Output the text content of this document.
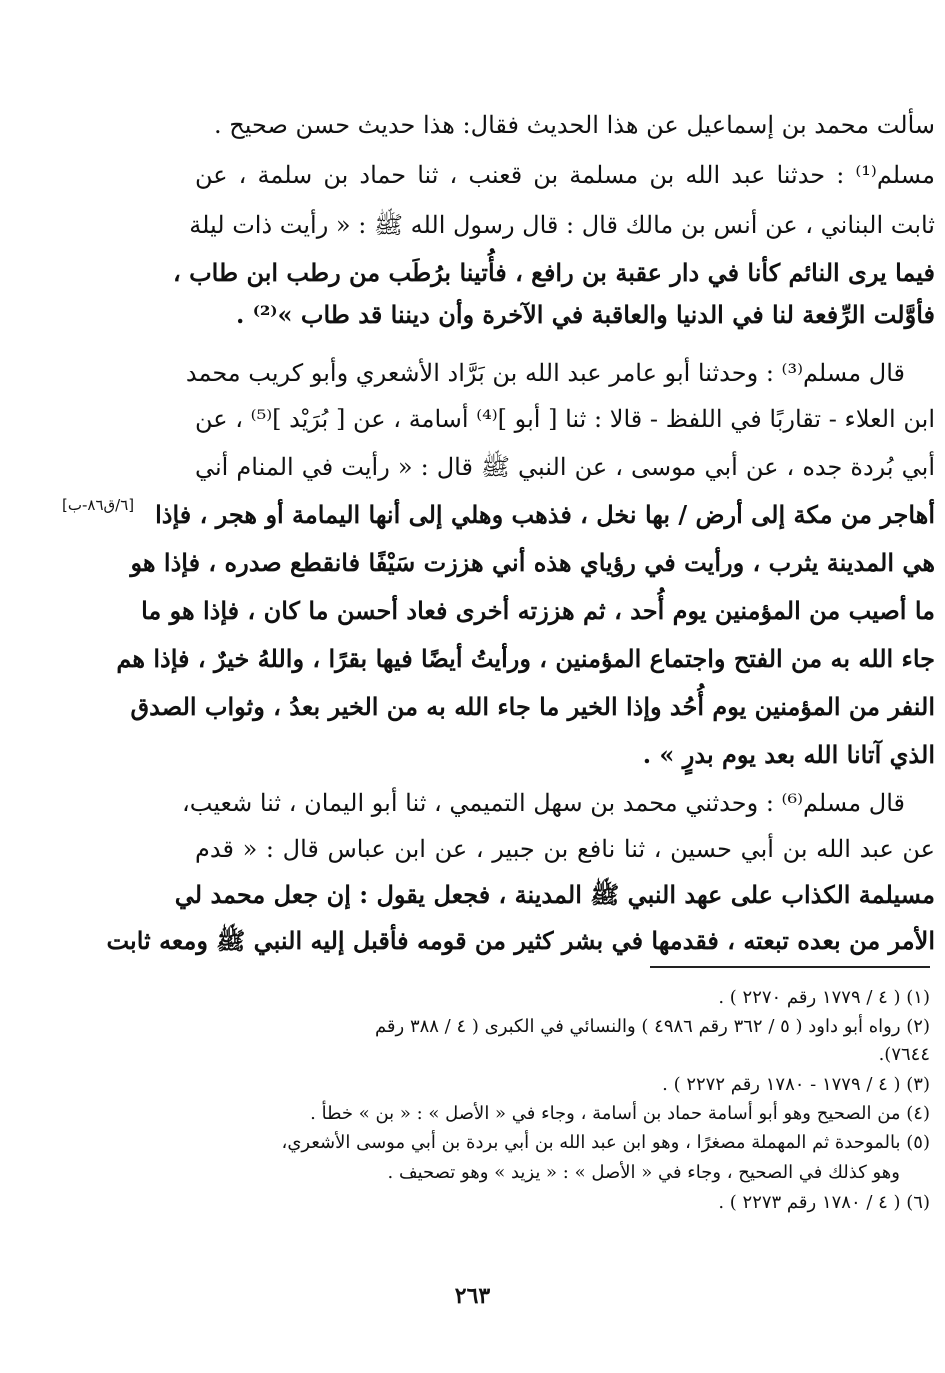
سألت محمد بن إسماعيل عن هذا الحديث فقال: هذا حديث حسن صحيح .
مسلم⁽¹⁾ : حدثنا عبد الله بن مسلمة بن قعنب ، ثنا حماد بن سلمة ، عن
ثابت البناني ، عن أنس بن مالك قال : قال رسول الله ﷺ : « رأيت ذات ليلة
فيما يرى النائم كأنا في دار عقبة بن رافع ، فأُتينا برُطَب من رطب ابن طاب ،
فأوَّلت الرِّفعة لنا في الدنيا والعاقبة في الآخرة وأن ديننا قد طاب »⁽²⁾ .
قال مسلم⁽³⁾ : وحدثنا أبو عامر عبد الله بن بَرَّاد الأشعري وأبو كريب محمد
ابن العلاء - تقاربًا في اللفظ - قالا : ثنا [ أبو ]⁽⁴⁾ أسامة ، عن [ بُرَيْد ]⁽⁵⁾ ، عن
أبي بُردة جده ، عن أبي موسى ، عن النبي ﷺ قال : « رأيت في المنام أني
أهاجر من مكة إلى أرض / بها نخل ، فذهب وهلي إلى أنها اليمامة أو هجر ، فإذا
هي المدينة يثرب ، ورأيت في رؤياي هذه أني هززت سَيْفًا فانقطع صدره ، فإذا هو
ما أصيب من المؤمنين يوم أُحد ، ثم هززته أخرى فعاد أحسن ما كان ، فإذا هو ما
جاء الله به من الفتح واجتماع المؤمنين ، ورأيتُ أيضًا فيها بقرًا ، واللهُ خيرٌ ، فإذا هم
النفر من المؤمنين يوم أُحُد وإذا الخير ما جاء الله به من الخير بعدُ ، وثواب الصدق
الذي آتانا الله بعد يوم بدرٍ » .
قال مسلم⁽⁶⁾ : وحدثني محمد بن سهل التميمي ، ثنا أبو اليمان ، ثنا شعيب،
عن عبد الله بن أبي حسين ، ثنا نافع بن جبير ، عن ابن عباس قال : « قدم
مسيلمة الكذاب على عهد النبي ﷺ المدينة ، فجعل يقول : إن جعل محمد لي
الأمر من بعده تبعته ، فقدمها في بشر كثير من قومه فأقبل إليه النبي ﷺ ومعه ثابت
[٦/ق٨٦-ب]
(١) ( ٤ / ١٧٧٩ رقم ٢٢٧٠ ) .
(٢) رواه أبو داود ( ٥ / ٣٦٢ رقم ٤٩٨٦ ) والنسائي في الكبرى ( ٤ / ٣٨٨ رقم
٧٦٤٤).
(٣) ( ٤ / ١٧٧٩ - ١٧٨٠ رقم ٢٢٧٢ ) .
(٤) من الصحيح وهو أبو أسامة حماد بن أسامة ، وجاء في « الأصل » : « بن » خطأ .
(٥) بالموحدة ثم المهملة مصغرًا ، وهو ابن عبد الله بن أبي بردة بن أبي موسى الأشعري،
وهو كذلك في الصحيح ، وجاء في « الأصل » : « يزيد » وهو تصحيف .
(٦) ( ٤ / ١٧٨٠ رقم ٢٢٧٣ ) .
٢٦٣
